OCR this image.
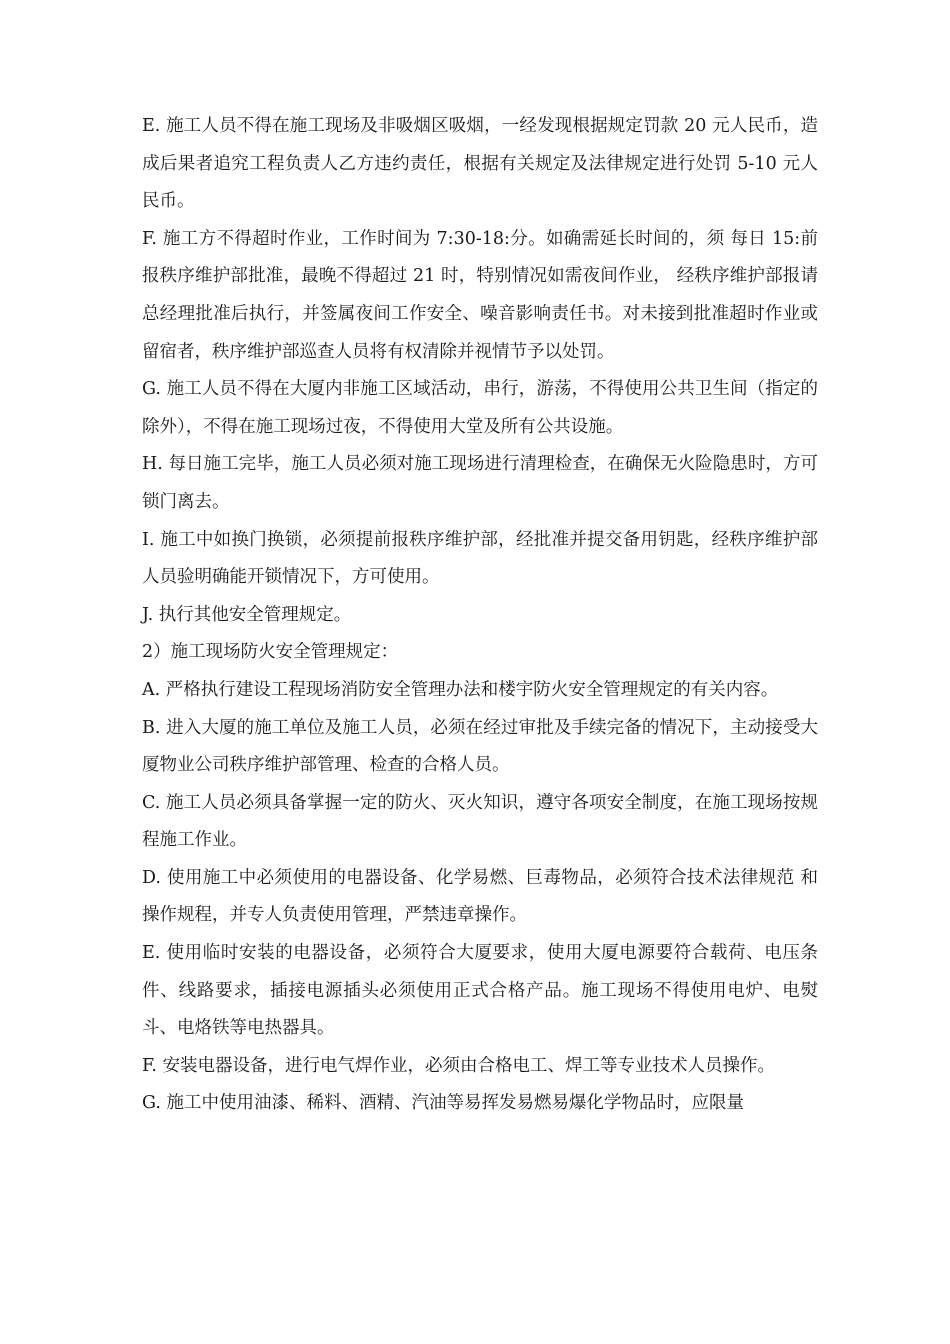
E. 施工人员不得在施工现场及非吸烟区吸烟，一经发现根据规定罚款 20 元人民币，造成后果者追究工程负责人乙方违约责任，根据有关规定及法律规定进行处罚 5-10 元人民币。

F. 施工方不得超时作业，工作时间为 7:30-18:分。如确需延长时间的，须 每日 15:前报秩序维护部批准，最晚不得超过 21 时，特别情况如需夜间作业， 经秩序维护部报请总经理批准后执行，并签属夜间工作安全、噪音影响责任书。对未接到批准超时作业或留宿者，秩序维护部巡查人员将有权清除并视情节予以处罚。

G. 施工人员不得在大厦内非施工区域活动，串行，游荡，不得使用公共卫生间（指定的除外），不得在施工现场过夜，不得使用大堂及所有公共设施。

H. 每日施工完毕，施工人员必须对施工现场进行清理检查，在确保无火险隐患时，方可锁门离去。

I. 施工中如换门换锁，必须提前报秩序维护部，经批准并提交备用钥匙，经秩序维护部人员验明确能开锁情况下，方可使用。

J. 执行其他安全管理规定。

2）施工现场防火安全管理规定：

A. 严格执行建设工程现场消防安全管理办法和楼宇防火安全管理规定的有关内容。

B. 进入大厦的施工单位及施工人员，必须在经过审批及手续完备的情况下，主动接受大厦物业公司秩序维护部管理、检查的合格人员。

C. 施工人员必须具备掌握一定的防火、灭火知识，遵守各项安全制度，在施工现场按规程施工作业。

D. 使用施工中必须使用的电器设备、化学易燃、巨毒物品，必须符合技术法律规范 和操作规程，并专人负责使用管理，严禁违章操作。

E. 使用临时安装的电器设备，必须符合大厦要求，使用大厦电源要符合载荷、电压条件、线路要求，插接电源插头必须使用正式合格产品。施工现场不得使用电炉、电熨斗、电烙铁等电热器具。

F. 安装电器设备，进行电气焊作业，必须由合格电工、焊工等专业技术人员操作。

G. 施工中使用油漆、稀料、酒精、汽油等易挥发易燃易爆化学物品时，应限量
